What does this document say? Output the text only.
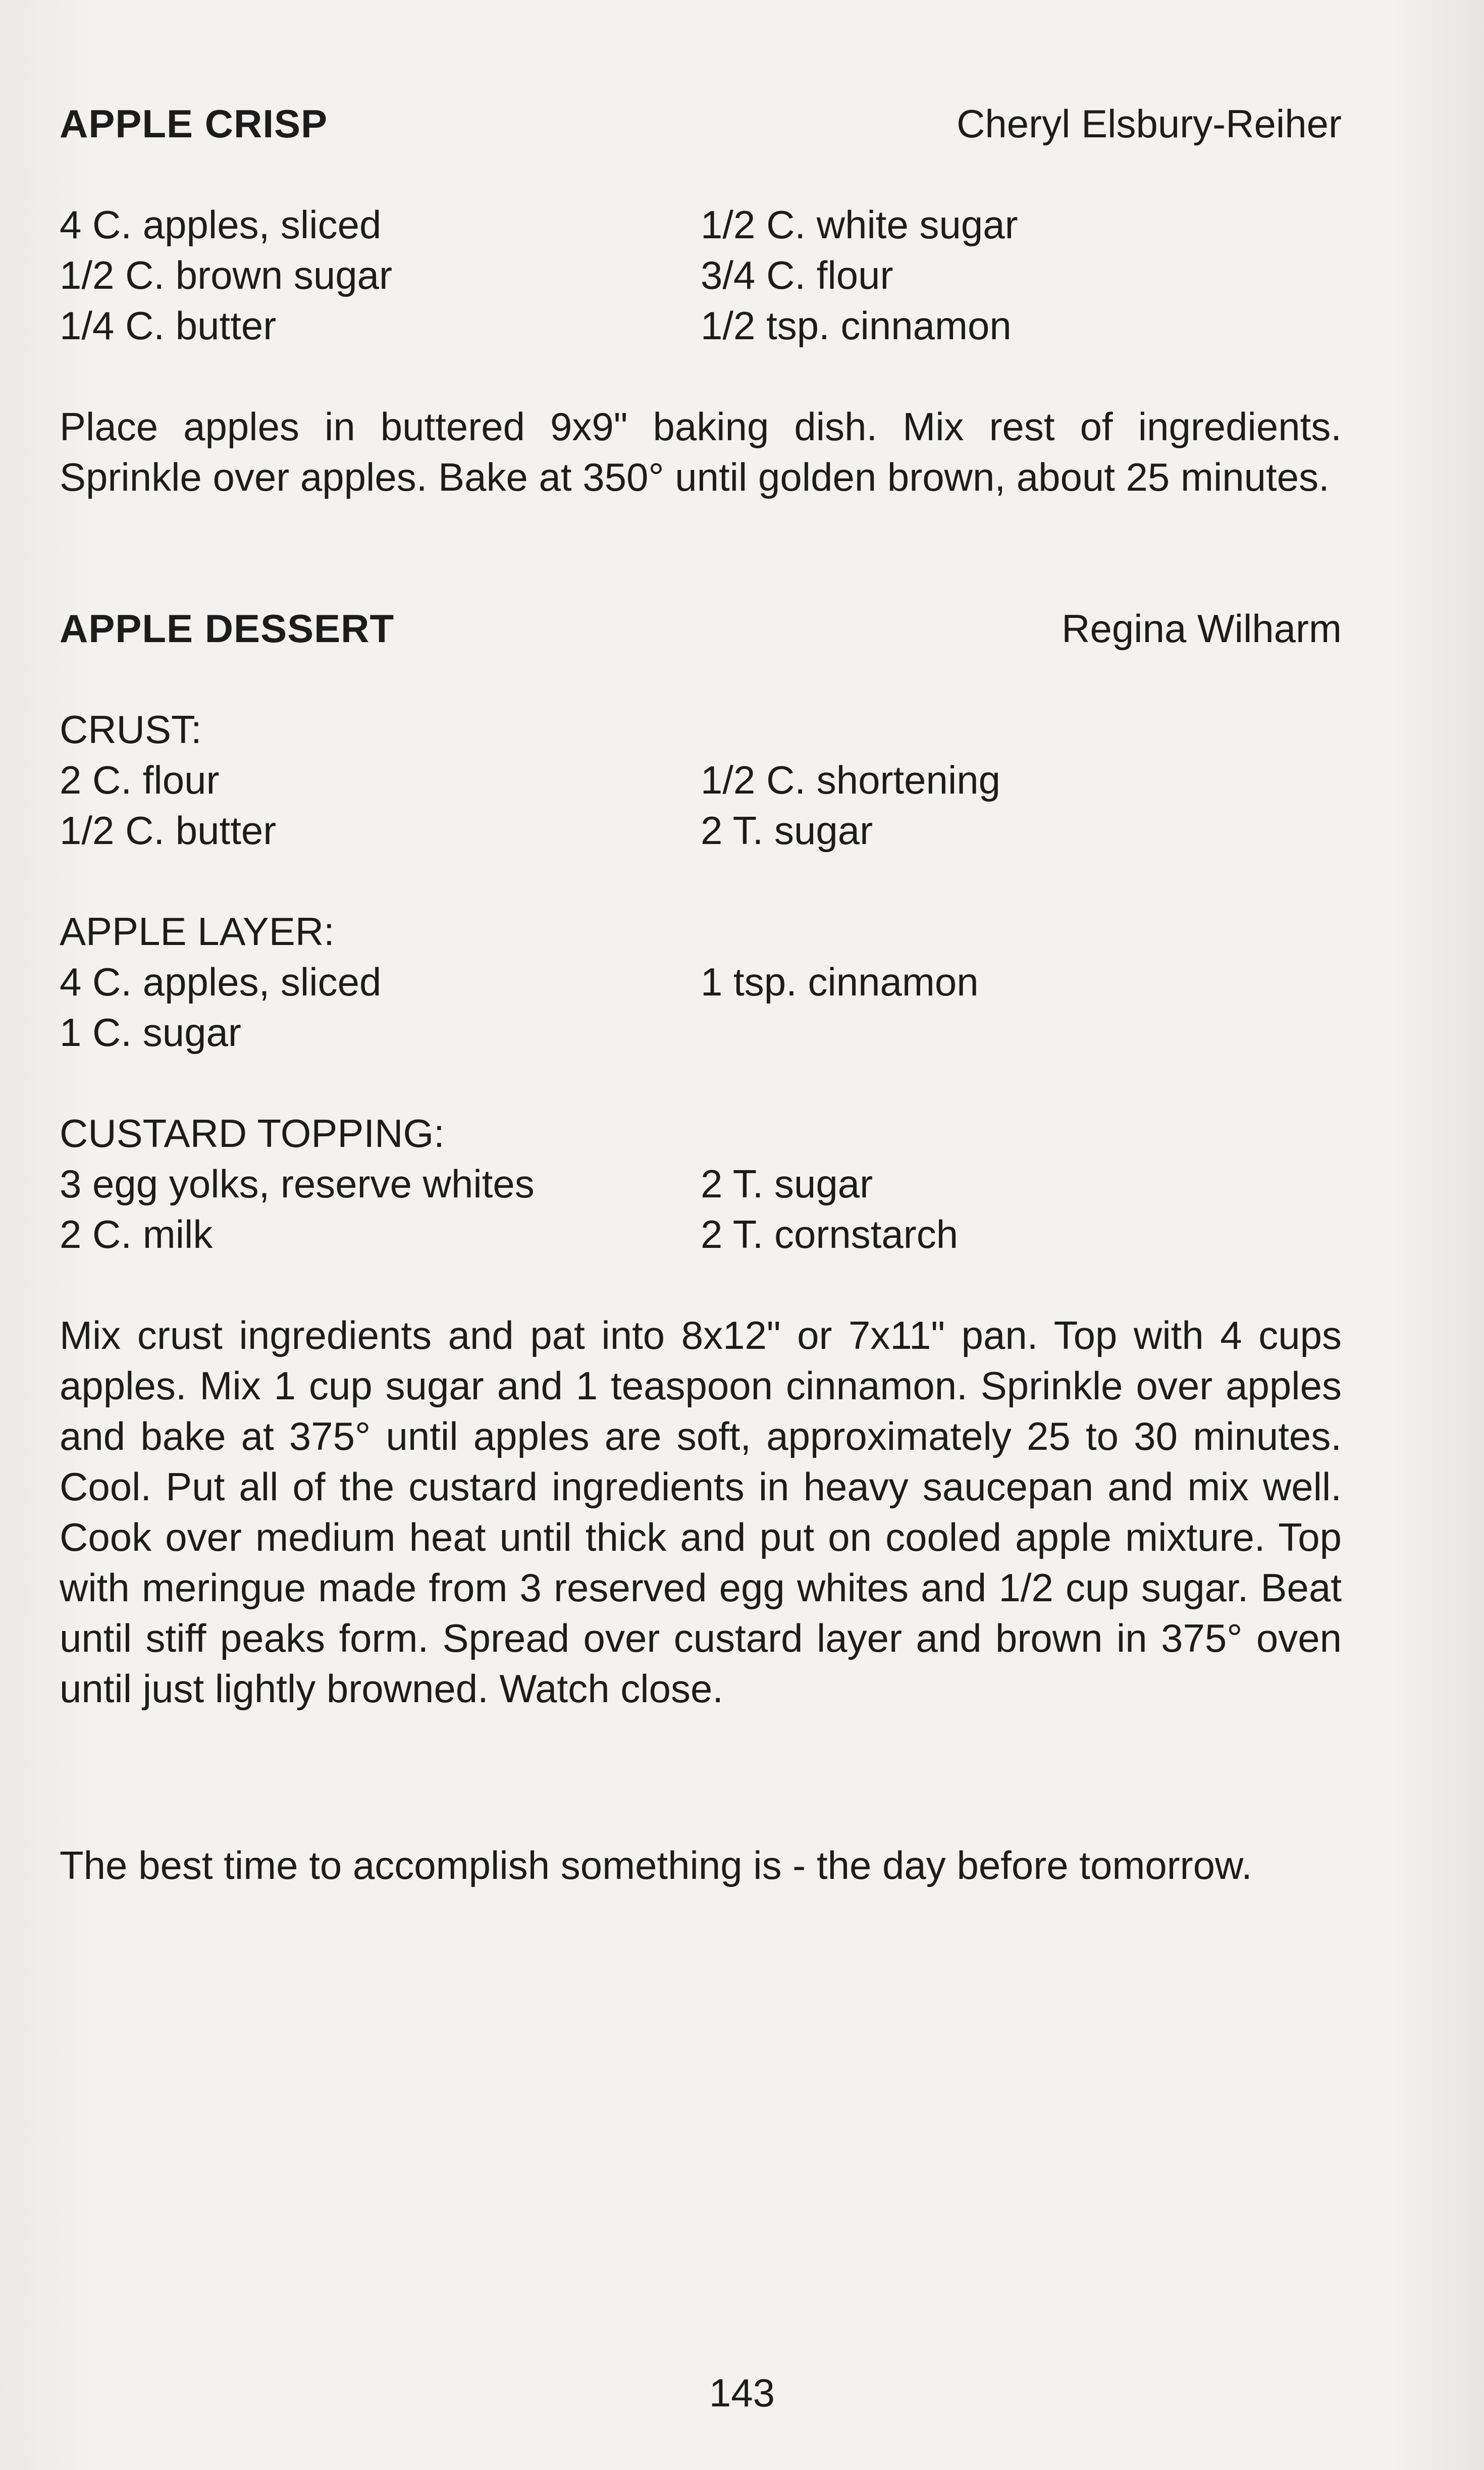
APPLE CRISP	Cheryl Elsbury-Reiher
4 C. apples, sliced	1/2 C. white sugar
1/2 C. brown sugar	3/4 C. flour
1/4 C. butter	1/2 tsp. cinnamon
Place apples in buttered 9x9" baking dish. Mix rest of ingredients. Sprinkle over apples. Bake at 350° until golden brown, about 25 minutes.
APPLE DESSERT	Regina Wilharm
CRUST:
2 C. flour	1/2 C. shortening
1/2 C. butter	2 T. sugar
APPLE LAYER:
4 C. apples, sliced	1 tsp. cinnamon
1 C. sugar
CUSTARD TOPPING:
3 egg yolks, reserve whites	2 T. sugar
2 C. milk	2 T. cornstarch
Mix crust ingredients and pat into 8x12" or 7x11" pan. Top with 4 cups apples. Mix 1 cup sugar and 1 teaspoon cinnamon. Sprinkle over apples and bake at 375° until apples are soft, approximately 25 to 30 minutes. Cool. Put all of the custard ingredients in heavy saucepan and mix well. Cook over medium heat until thick and put on cooled apple mixture. Top with meringue made from 3 reserved egg whites and 1/2 cup sugar. Beat until stiff peaks form. Spread over custard layer and brown in 375° oven until just lightly browned. Watch close.
The best time to accomplish something is - the day before tomorrow.
143
